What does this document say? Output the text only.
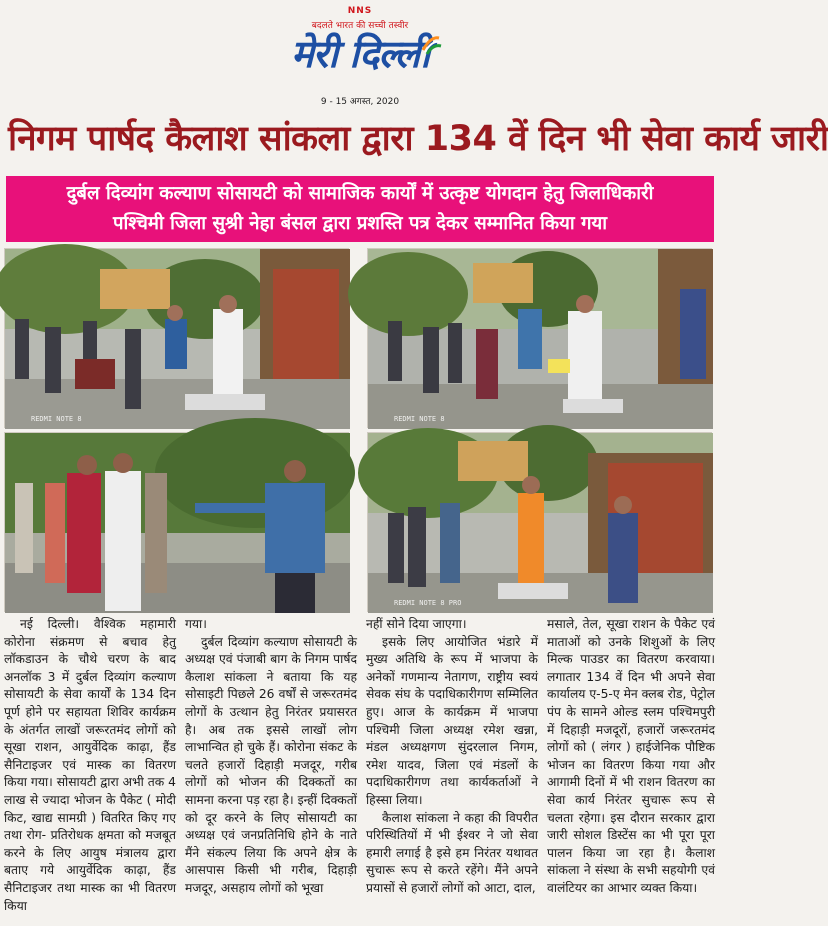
NNS
बदलते भारत की सच्ची तस्वीर
मेरी दिल्ली
9 - 15 अगस्त, 2020
निगम पार्षद कैलाश सांकला द्वारा 134 वें दिन भी सेवा कार्य जारी
दुर्बल दिव्यांग कल्याण सोसायटी को सामाजिक कार्यों में उत्कृष्ट योगदान हेतु जिलाधिकारी
पश्चिमी जिला सुश्री नेहा बंसल द्वारा प्रशस्ति पत्र देकर सम्मानित किया गया
REDMI NOTE 8	REDMI NOTE 8
REDMI NOTE 8 PRO

नई दिल्ली। वैश्विक महामारी कोरोना संक्रमण से बचाव हेतु लॉकडाउन के चौथे चरण के बाद अनलॉक 3 में दुर्बल दिव्यांग कल्याण सोसायटी के सेवा कार्यों के 134 दिन पूर्ण होने पर सहायता शिविर कार्यक्रम के अंतर्गत लाखों जरूरतमंद लोगों को सूखा राशन, आयुर्वेदिक काढ़ा, हैंड सैनिटाइजर एवं मास्क का वितरण किया गया। सोसायटी द्वारा अभी तक 4 लाख से ज्यादा भोजन के पैकेट ( मोदी किट, खाद्य सामग्री ) वितरित किए गए तथा रोग- प्रतिरोधक क्षमता को मजबूत करने के लिए आयुष मंत्रालय द्वारा बताए गये आयुर्वेदिक काढ़ा, हैंड सैनिटाइजर तथा मास्क का भी वितरण किया

गया।

दुर्बल दिव्यांग कल्याण सोसायटी के अध्यक्ष एवं पंजाबी बाग के निगम पार्षद कैलाश सांकला ने बताया कि यह सोसाइटी पिछले 26 वर्षों से जरूरतमंद लोगों के उत्थान हेतु निरंतर प्रयासरत है। अब तक इससे लाखों लोग लाभान्वित हो चुके हैं। कोरोना संकट के चलते हजारों दिहाड़ी मजदूर, गरीब लोगों को भोजन की दिक्कतों का सामना करना पड़ रहा है। इन्हीं दिक्कतों को दूर करने के लिए सोसायटी का अध्यक्ष एवं जनप्रतिनिधि होने के नाते मैंने संकल्प लिया कि अपने क्षेत्र के आसपास किसी भी गरीब, दिहाड़ी मजदूर, असहाय लोगों को भूखा

नहीं सोने दिया जाएगा।

इसके लिए आयोजित भंडारे में मुख्य अतिथि के रूप में भाजपा के अनेकों गणमान्य नेतागण, राष्ट्रीय स्वयं सेवक संघ के पदाधिकारीगण सम्मिलित हुए। आज के कार्यक्रम में भाजपा पश्चिमी जिला अध्यक्ष रमेश खन्ना, मंडल अध्यक्षगण सुंदरलाल निगम, रमेश यादव, जिला एवं मंडलों के पदाधिकारीगण तथा कार्यकर्ताओं ने हिस्सा लिया।

कैलाश सांकला ने कहा की विपरीत परिस्थितियों में भी ईश्वर ने जो सेवा हमारी लगाई है इसे हम निरंतर यथावत सुचारू रूप से करते रहेंगे। मैंने अपने प्रयासों से हजारों लोगों को आटा, दाल,

मसाले, तेल, सूखा राशन के पैकेट एवं माताओं को उनके शिशुओं के लिए मिल्क पाउडर का वितरण करवाया। लगातार 134 वें दिन भी अपने सेवा कार्यालय ए-5-ए मेन क्लब रोड, पेट्रोल पंप के सामने ओल्ड स्लम पश्चिमपुरी में दिहाड़ी मजदूरों, हजारों जरूरतमंद लोगों को ( लंगर ) हाईजेनिक पौष्टिक भोजन का वितरण किया गया और आगामी दिनों में भी राशन वितरण का सेवा कार्य निरंतर सुचारू रूप से चलता रहेगा। इस दौरान सरकार द्वारा जारी सोशल डिस्टेंस का भी पूरा पूरा पालन किया जा रहा है। कैलाश सांकला ने संस्था के सभी सहयोगी एवं वालंटियर का आभार व्यक्त किया।
